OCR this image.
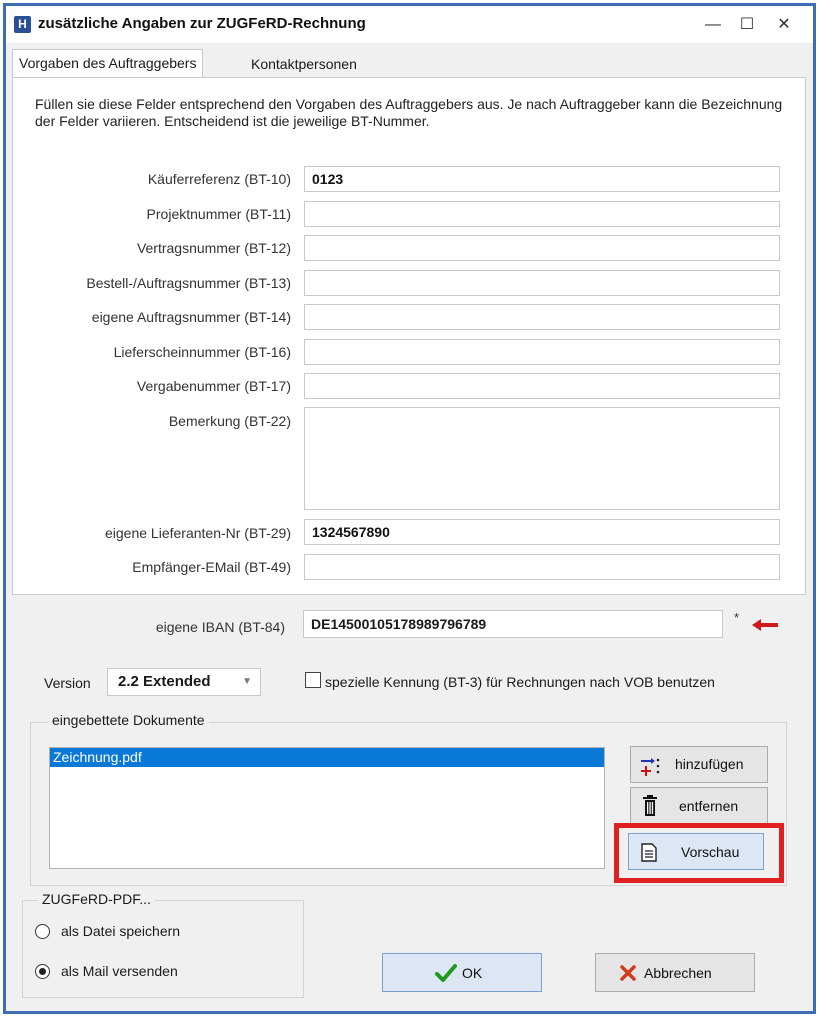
H zusätzliche Angaben zur ZUGFeRD-Rechnung	—	☐	✕
Vorgaben des Auftraggebers	Kontaktpersonen
Füllen sie diese Felder entsprechend den Vorgaben des Auftraggebers aus. Je nach Auftraggeber kann die Bezeichnung der Felder variieren. Entscheidend ist die jeweilige BT-Nummer.
Käuferreferenz (BT-10)	0123
Projektnummer (BT-11)
Vertragsnummer (BT-12)
Bestell-/Auftragsnummer (BT-13)
eigene Auftragsnummer (BT-14)
Lieferscheinnummer (BT-16)
Vergabenummer (BT-17)
Bemerkung (BT-22)
eigene Lieferanten-Nr (BT-29)	1324567890
Empfänger-EMail (BT-49)
eigene IBAN (BT-84)	DE14500105178989796789	*
Version	2.2 Extended	▼	spezielle Kennung (BT-3) für Rechnungen nach VOB benutzen
eingebettete Dokumente
Zeichnung.pdf	hinzufügen
entfernen
Vorschau
ZUGFeRD-PDF...
als Datei speichern
als Mail versenden	OK	Abbrechen
